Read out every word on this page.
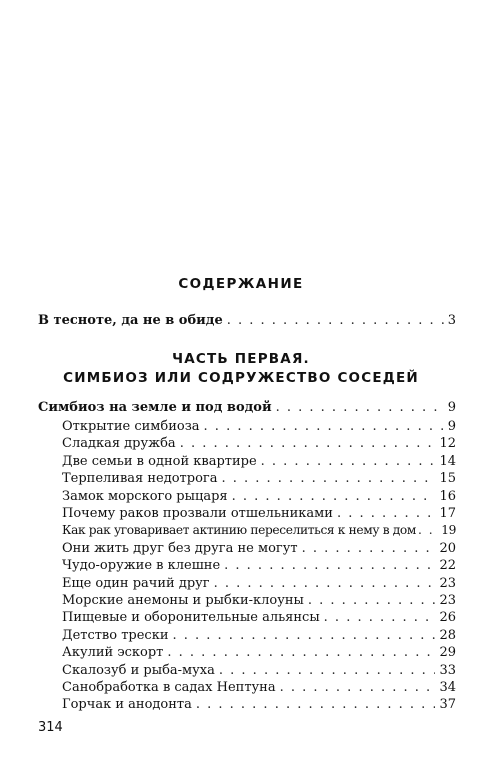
СОДЕРЖАНИЕ
В тесноте, да не в обиде . . .	3
ЧАСТЬ ПЕРВАЯ.
СИМБИОЗ ИЛИ СОДРУЖЕСТВО СОСЕДЕЙ
Симбиоз на земле и под водой . . .	9
Открытие симбиоза . . .	9
Сладкая дружба . . .	12
Две семьи в одной квартире . . .	14
Терпеливая недотрога . . .	15
Замок морского рыцаря . . .	16
Почему раков прозвали отшельниками . . .	17
Как рак уговаривает актинию переселиться к нему в дом . . . 19
Они жить друг без друга не могут . . .	20
Чудо-оружие в клешне . . .	22
Еще один рачий друг . . .	23
Морские анемоны и рыбки-клоуны . . .	23
Пищевые и оборонительные альянсы . . .	26
Детство трески . . .	28
Акулий эскорт . . .	29
Скалозуб и рыба-муха . . .	33
Санобработка в садах Нептуна . . .	34
314
Горчак и анодонта . . .	37
